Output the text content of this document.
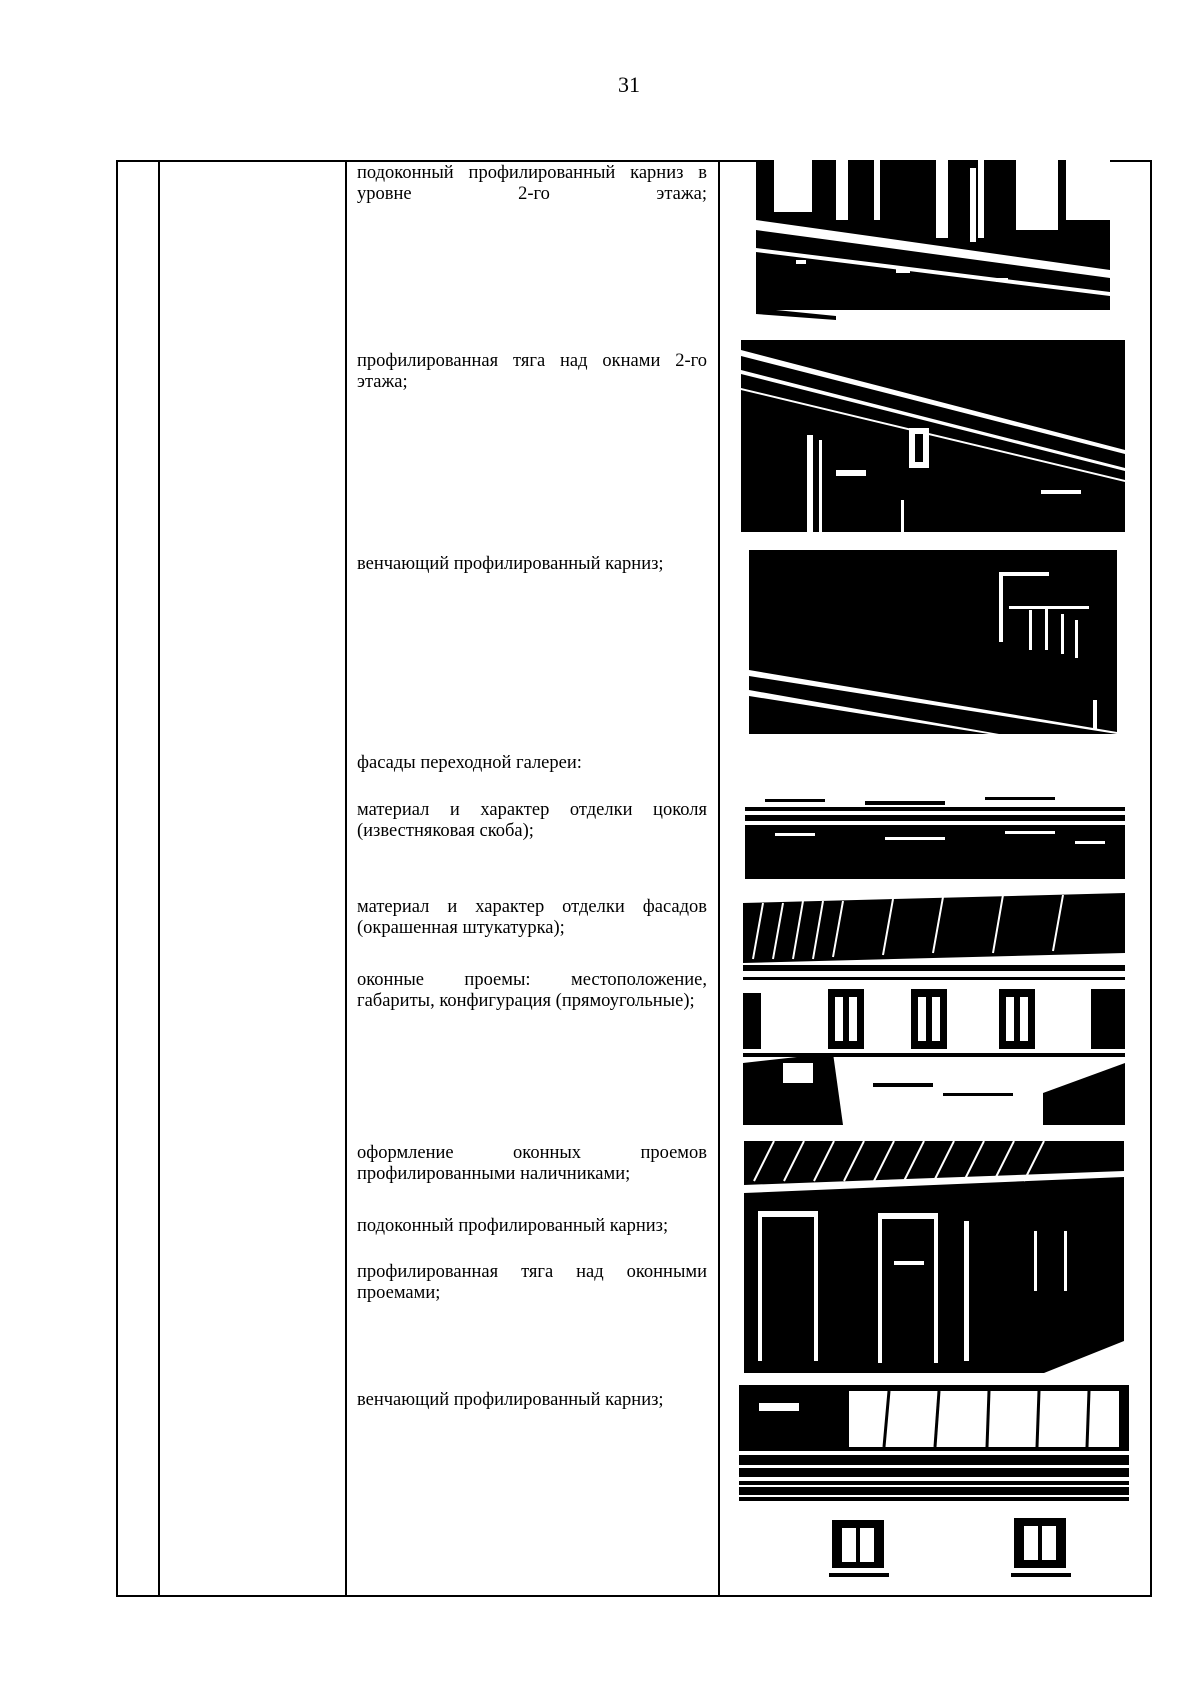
31
подоконный профилированный карниз в уровне 2-го этажа;
профилированная тяга над окнами 2-го этажа;
венчающий профилированный карниз;
фасады переходной галереи:
материал и характер отделки цоколя (известняковая скоба);
материал и характер отделки фасадов (окрашенная штукатурка);
оконные проемы: местоположение, габариты, конфигурация (прямоугольные);
оформление оконных проемов профилированными наличниками;
подоконный профилированный карниз;
профилированная тяга над оконными проемами;
венчающий профилированный карниз;
